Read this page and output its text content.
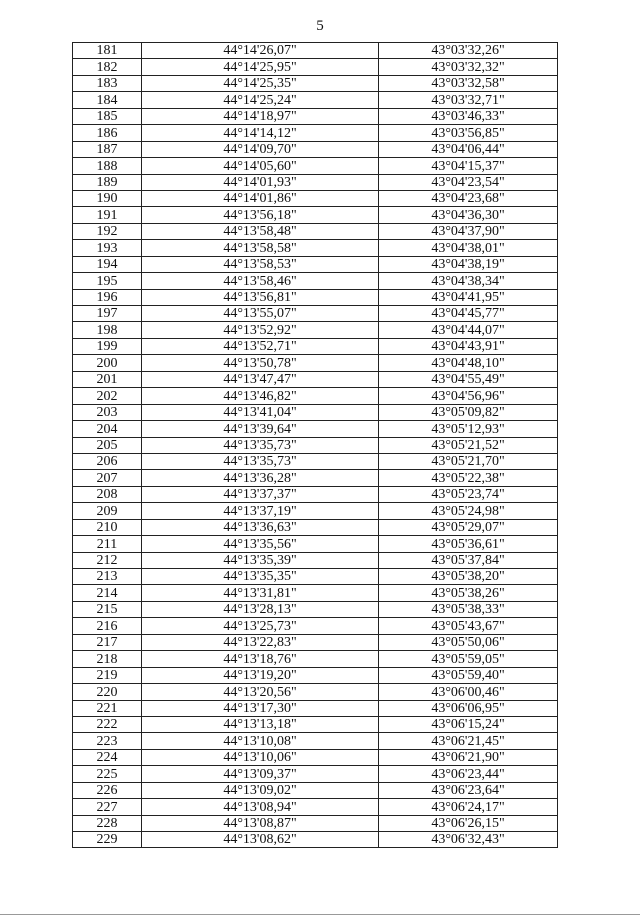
5
181	44°14'26,07"	43°03'32,26"
182	44°14'25,95"	43°03'32,32"
183	44°14'25,35"	43°03'32,58"
184	44°14'25,24"	43°03'32,71"
185	44°14'18,97"	43°03'46,33"
186	44°14'14,12"	43°03'56,85"
187	44°14'09,70"	43°04'06,44"
188	44°14'05,60"	43°04'15,37"
189	44°14'01,93"	43°04'23,54"
190	44°14'01,86"	43°04'23,68"
191	44°13'56,18"	43°04'36,30"
192	44°13'58,48"	43°04'37,90"
193	44°13'58,58"	43°04'38,01"
194	44°13'58,53"	43°04'38,19"
195	44°13'58,46"	43°04'38,34"
196	44°13'56,81"	43°04'41,95"
197	44°13'55,07"	43°04'45,77"
198	44°13'52,92"	43°04'44,07"
199	44°13'52,71"	43°04'43,91"
200	44°13'50,78"	43°04'48,10"
201	44°13'47,47"	43°04'55,49"
202	44°13'46,82"	43°04'56,96"
203	44°13'41,04"	43°05'09,82"
204	44°13'39,64"	43°05'12,93"
205	44°13'35,73"	43°05'21,52"
206	44°13'35,73"	43°05'21,70"
207	44°13'36,28"	43°05'22,38"
208	44°13'37,37"	43°05'23,74"
209	44°13'37,19"	43°05'24,98"
210	44°13'36,63"	43°05'29,07"
211	44°13'35,56"	43°05'36,61"
212	44°13'35,39"	43°05'37,84"
213	44°13'35,35"	43°05'38,20"
214	44°13'31,81"	43°05'38,26"
215	44°13'28,13"	43°05'38,33"
216	44°13'25,73"	43°05'43,67"
217	44°13'22,83"	43°05'50,06"
218	44°13'18,76"	43°05'59,05"
219	44°13'19,20"	43°05'59,40"
220	44°13'20,56"	43°06'00,46"
221	44°13'17,30"	43°06'06,95"
222	44°13'13,18"	43°06'15,24"
223	44°13'10,08"	43°06'21,45"
224	44°13'10,06"	43°06'21,90"
225	44°13'09,37"	43°06'23,44"
226	44°13'09,02"	43°06'23,64"
227	44°13'08,94"	43°06'24,17"
228	44°13'08,87"	43°06'26,15"
229	44°13'08,62"	43°06'32,43"
